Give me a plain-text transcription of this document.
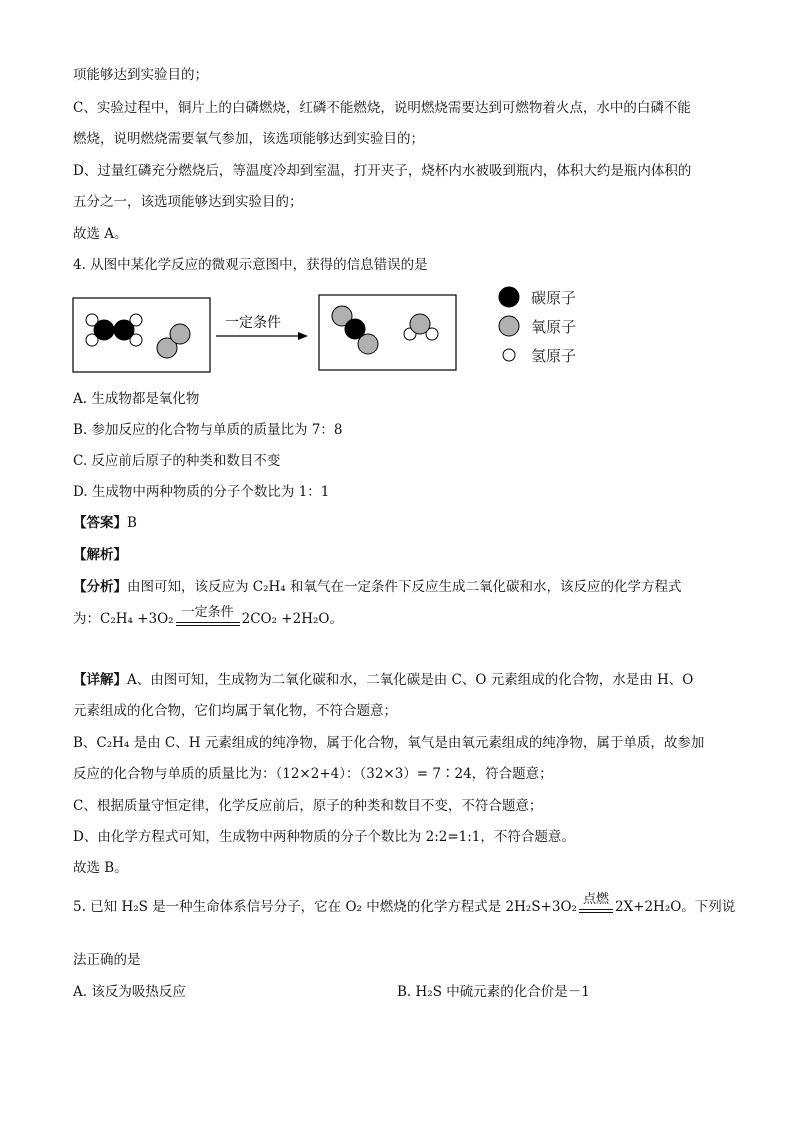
项能够达到实验目的；
C、实验过程中，铜片上的白磷燃烧，红磷不能燃烧，说明燃烧需要达到可燃物着火点，水中的白磷不能
燃烧，说明燃烧需要氧气参加，该选项能够达到实验目的；
D、过量红磷充分燃烧后，等温度冷却到室温，打开夹子，烧杯内水被吸到瓶内，体积大约是瓶内体积的
五分之一，该选项能够达到实验目的；
故选 A。
4. 从图中某化学反应的微观示意图中，获得的信息错误的是
一定条件
碳原子
氧原子
氢原子
A. 生成物都是氧化物
B. 参加反应的化合物与单质的质量比为 7：8
C. 反应前后原子的种类和数目不变
D. 生成物中两种物质的分子个数比为 1：1
【答案】B
【解析】
【分析】由图可知，该反应为 C₂H₄ 和氧气在一定条件下反应生成二氧化碳和水，该反应的化学方程式
为：C₂H₄ +3O₂ 一定条件 2CO₂ +2H₂O。
【详解】A、由图可知，生成物为二氧化碳和水，二氧化碳是由 C、O 元素组成的化合物，水是由 H、O
元素组成的化合物，它们均属于氧化物，不符合题意；
B、C₂H₄ 是由 C、H 元素组成的纯净物，属于化合物，氧气是由氧元素组成的纯净物，属于单质，故参加
反应的化合物与单质的质量比为：（12×2+4）：（32×3）= 7∶24，符合题意；
C、根据质量守恒定律，化学反应前后，原子的种类和数目不变，不符合题意；
D、由化学方程式可知，生成物中两种物质的分子个数比为 2:2=1:1，不符合题意。
故选 B。
5. 已知 H₂S 是一种生命体系信号分子，它在 O₂ 中燃烧的化学方程式是 2H₂S+3O₂ 点燃 2X+2H₂O。下列说
法正确的是
A. 该反为吸热反应	B. H₂S 中硫元素的化合价是－1
